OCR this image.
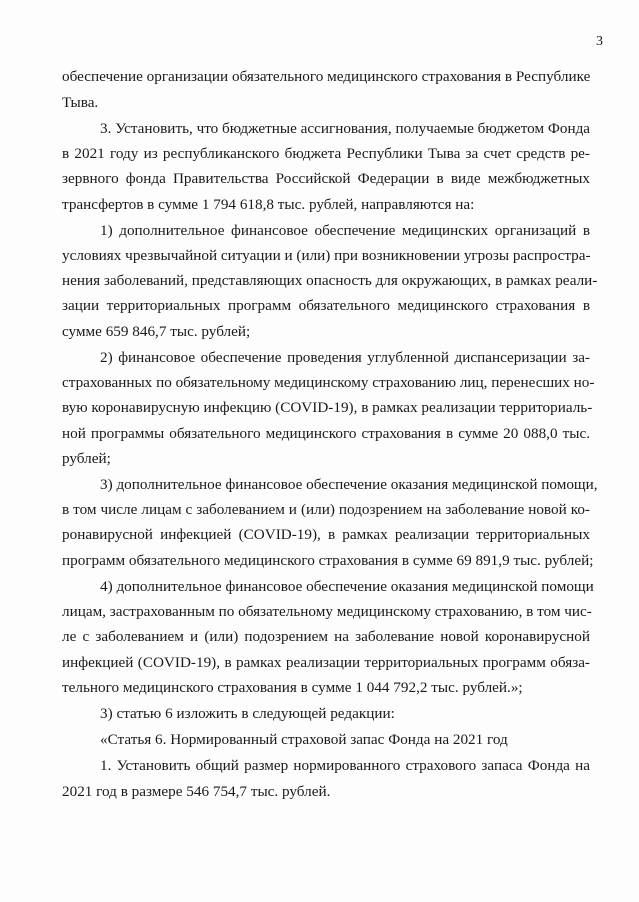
3
обеспечение организации обязательного медицинского страхования в Республике
Тыва.
3. Установить, что бюджетные ассигнования, получаемые бюджетом Фонда
в 2021 году из республиканского бюджета Республики Тыва за счет средств ре-
зервного фонда Правительства Российской Федерации в виде межбюджетных
трансфертов в сумме 1 794 618,8 тыс. рублей, направляются на:
1) дополнительное финансовое обеспечение медицинских организаций в
условиях чрезвычайной ситуации и (или) при возникновении угрозы распростра-
нения заболеваний, представляющих опасность для окружающих, в рамках реали-
зации территориальных программ обязательного медицинского страхования в
сумме 659 846,7 тыс. рублей;
2) финансовое обеспечение проведения углубленной диспансеризации за-
страхованных по обязательному медицинскому страхованию лиц, перенесших но-
вую коронавирусную инфекцию (COVID-19), в рамках реализации территориаль-
ной программы обязательного медицинского страхования в сумме 20 088,0 тыс.
рублей;
3) дополнительное финансовое обеспечение оказания медицинской помощи,
в том числе лицам с заболеванием и (или) подозрением на заболевание новой ко-
ронавирусной инфекцией (COVID-19), в рамках реализации территориальных
программ обязательного медицинского страхования в сумме 69 891,9 тыс. рублей;
4) дополнительное финансовое обеспечение оказания медицинской помощи
лицам, застрахованным по обязательному медицинскому страхованию, в том чис-
ле с заболеванием и (или) подозрением на заболевание новой коронавирусной
инфекцией (COVID-19), в рамках реализации территориальных программ обяза-
тельного медицинского страхования в сумме 1 044 792,2 тыс. рублей.»;
3) статью 6 изложить в следующей редакции:
«Статья 6. Нормированный страховой запас Фонда на 2021 год
1. Установить общий размер нормированного страхового запаса Фонда на
2021 год в размере 546 754,7 тыс. рублей.
